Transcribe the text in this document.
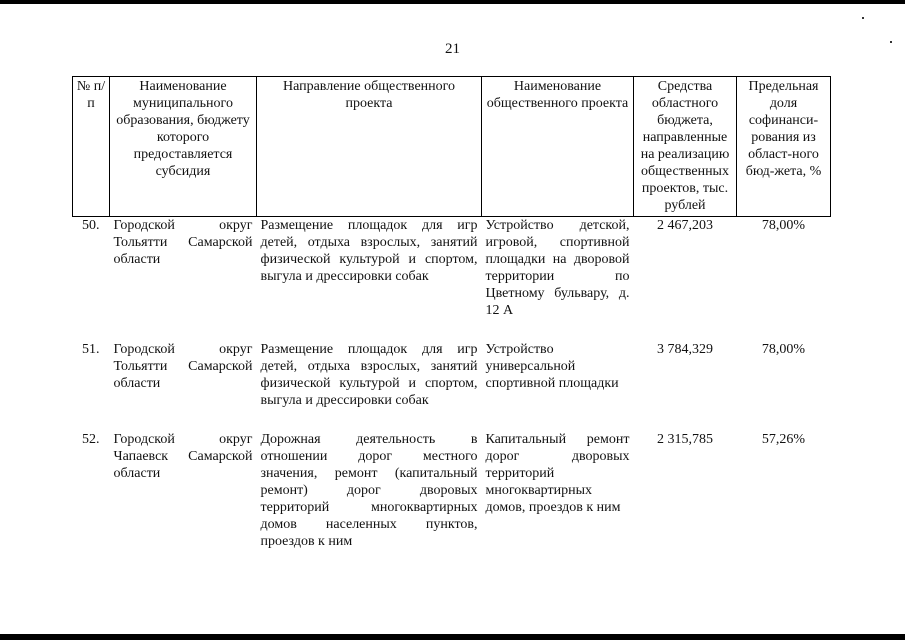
21
№ п/п	Наименование муниципального образования, бюджету которого предоставляется субсидия	Направление общественного проекта	Наименование общественного проекта	Средства областного бюджета, направленные на реализацию общественных проектов, тыс. рублей	Предельная доля софинанси-рования из област-ного бюд-жета, %
50.	Городской округ Тольятти Самарской области	Размещение площадок для игр детей, отдыха взрослых, занятий физической культурой и спортом, выгула и дрессировки собак	Устройство детской, игровой, спортивной площадки на дворовой территории по Цветному бульвару, д. 12 А	2 467,203	78,00%

51.	Городской округ Тольятти Самарской области	Размещение площадок для игр детей, отдыха взрослых, занятий физической культурой и спортом, выгула и дрессировки собак	Устройство универсальной спортивной площадки	3 784,329	78,00%

52.	Городской округ Чапаевск Самарской области	Дорожная деятельность в отношении дорог местного значения, ремонт (капитальный ремонт) дорог дворовых территорий многоквартирных домов населенных пунктов, проездов к ним	Капитальный ремонт дорог дворовых территорий многоквартирных домов, проездов к ним	2 315,785	57,26%
